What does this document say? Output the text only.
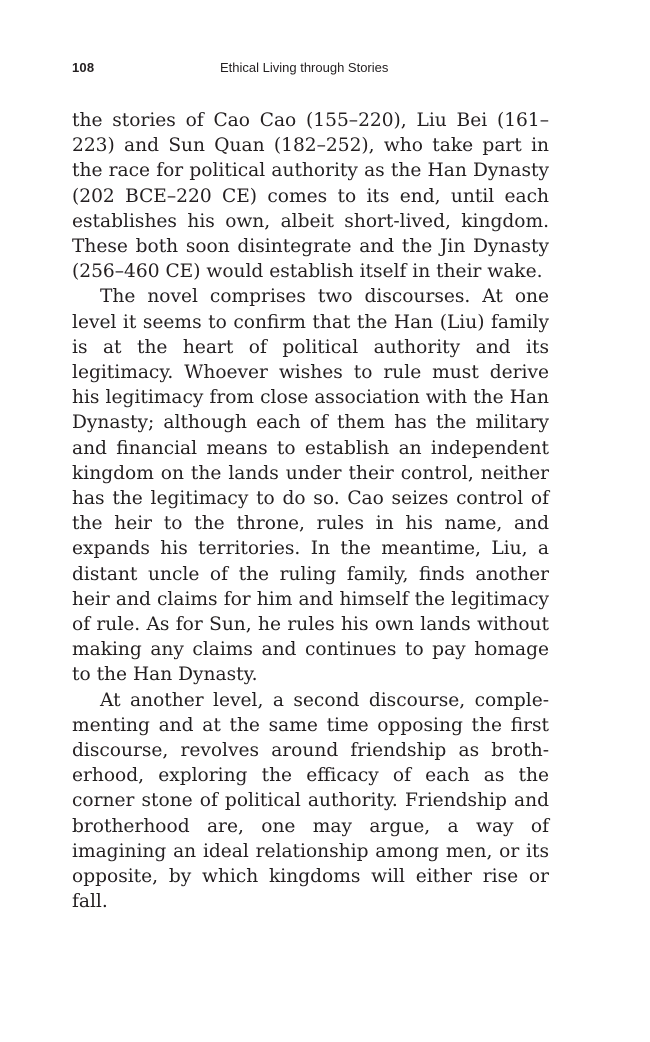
108	Ethical Living through Stories

the stories of Cao Cao (155–220), Liu Bei (161–223) and Sun Quan (182–252), who take part in the race for political authority as the Han Dynasty (202 BCE–220 CE) comes to its end, until each establishes his own, albeit short-lived, kingdom. These both soon disintegrate and the Jin Dynasty (256–460 CE) would establish itself in their wake.

The novel comprises two discourses. At one level it seems to confirm that the Han (Liu) family is at the heart of political authority and its legitimacy. Whoever wishes to rule must derive his legitimacy from close association with the Han Dynasty; although each of them has the military and financial means to establish an independent kingdom on the lands under their control, neither has the legitimacy to do so. Cao seizes control of the heir to the throne, rules in his name, and expands his territories. In the meantime, Liu, a distant uncle of the ruling family, finds another heir and claims for him and himself the legitimacy of rule. As for Sun, he rules his own lands without making any claims and continues to pay homage to the Han Dynasty.

At another level, a second discourse, complementing and at the same time opposing the first discourse, revolves around friendship as brotherhood, exploring the efficacy of each as the corner stone of political authority. Friendship and brotherhood are, one may argue, a way of imagining an ideal relationship among men, or its opposite, by which kingdoms will either rise or fall.
